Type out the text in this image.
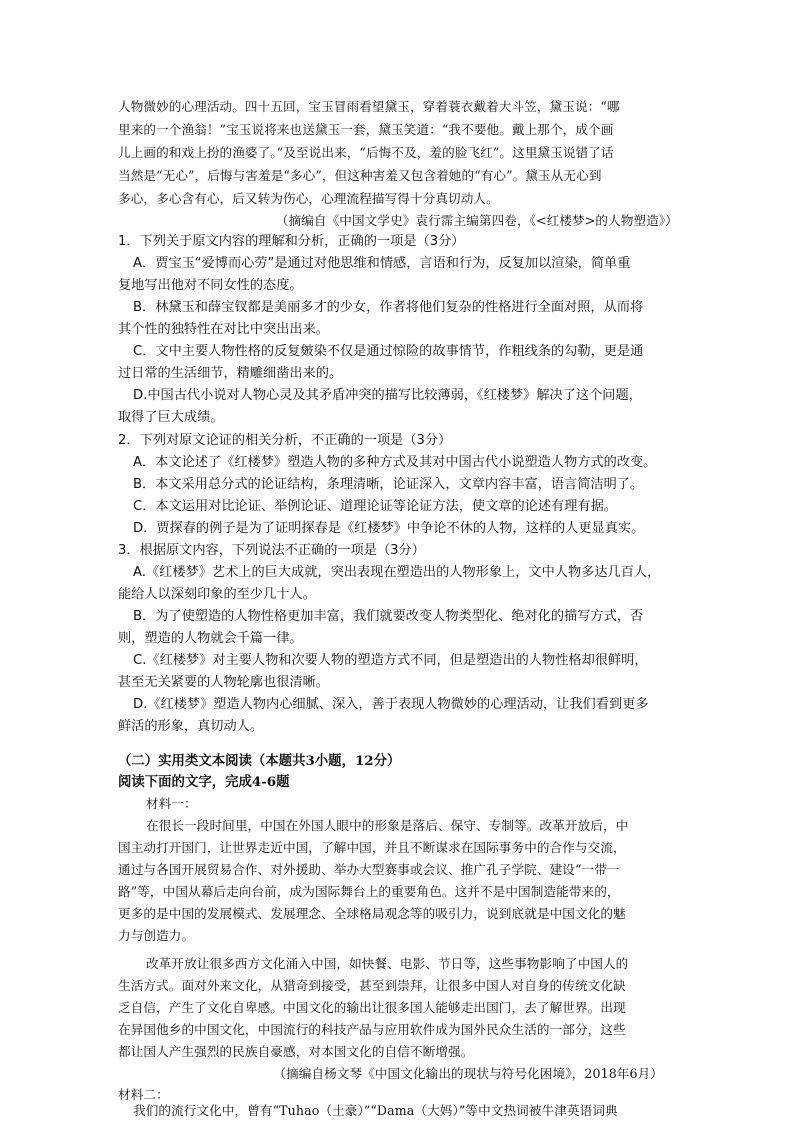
人物微妙的心理活动。四十五回，宝玉冒雨看望黛玉，穿着蓑衣戴着大斗笠，黛玉说：“哪
里来的一个渔翁！”宝玉说将来也送黛玉一套，黛玉笑道：“我不要他。戴上那个，成个画
儿上画的和戏上扮的渔婆了。”及至说出来，“后悔不及，羞的脸飞红”。这里黛玉说错了话
当然是“无心”，后悔与害羞是“多心”，但这种害羞又包含着她的“有心”。黛玉从无心到
多心，多心含有心，后又转为伤心，心理流程描写得十分真切动人。
（摘编自《中国文学史》袁行霈主编第四卷，《<红楼梦>的人物塑造》）
1．下列关于原文内容的理解和分析，正确的一项是（3分）
A．贾宝玉“爱博而心劳”是通过对他思维和情感，言语和行为，反复加以渲染，简单重
复地写出他对不同女性的态度。
B．林黛玉和薛宝钗都是美丽多才的少女，作者将他们复杂的性格进行全面对照，从而将
其个性的独特性在对比中突出出来。
C．文中主要人物性格的反复皴染不仅是通过惊险的故事情节，作粗线条的勾勒，更是通
过日常的生活细节，精雕细凿出来的。
D.中国古代小说对人物心灵及其矛盾冲突的描写比较薄弱，《红楼梦》解决了这个问题，
取得了巨大成绩。
2．下列对原文论证的相关分析，不正确的一项是（3分）
A．本文论述了《红楼梦》塑造人物的多种方式及其对中国古代小说塑造人物方式的改变。
B．本文采用总分式的论证结构，条理清晰，论证深入，文章内容丰富，语言简洁明了。
C．本文运用对比论证、举例论证、道理论证等论证方法，使文章的论述有理有据。
D．贾探春的例子是为了证明探春是《红楼梦》中争论不休的人物，这样的人更显真实。
3．根据原文内容，下列说法不正确的一项是（3分）
A.《红楼梦》艺术上的巨大成就，突出表现在塑造出的人物形象上，文中人物多达几百人，
能给人以深刻印象的至少几十人。
B．为了使塑造的人物性格更加丰富，我们就要改变人物类型化、绝对化的描写方式，否
则，塑造的人物就会千篇一律。
C.《红楼梦》对主要人物和次要人物的塑造方式不同，但是塑造出的人物性格却很鲜明，
甚至无关紧要的人物轮廓也很清晰。
D.《红楼梦》塑造人物内心细腻、深入，善于表现人物微妙的心理活动，让我们看到更多
鲜活的形象，真切动人。
（二）实用类文本阅读（本题共3小题，12分）
阅读下面的文字，完成4-6题
材料一：
在很长一段时间里，中国在外国人眼中的形象是落后、保守、专制等。改革开放后，中
国主动打开国门，让世界走近中国，了解中国，并且不断谋求在国际事务中的合作与交流，
通过与各国开展贸易合作、对外援助、举办大型赛事或会议、推广孔子学院、建设“一带一
路”等，中国从幕后走向台前，成为国际舞台上的重要角色。这并不是中国制造能带来的，
更多的是中国的发展模式、发展理念、全球格局观念等的吸引力，说到底就是中国文化的魅
力与创造力。
改革开放让很多西方文化涌入中国，如快餐、电影、节日等，这些事物影响了中国人的
生活方式。面对外来文化，从猎奇到接受，甚至到崇拜，让很多中国人对自身的传统文化缺
乏自信，产生了文化自卑感。中国文化的输出让很多国人能够走出国门，去了解世界。出现
在异国他乡的中国文化，中国流行的科技产品与应用软件成为国外民众生活的一部分，这些
都让国人产生强烈的民族自豪感，对本国文化的自信不断增强。
（摘编自杨文琴《中国文化输出的现状与符号化困境》，2018年6月）
材料二：
我们的流行文化中，曾有“Tuhao（土豪）”“Dama（大妈）”等中文热词被牛津英语词典
